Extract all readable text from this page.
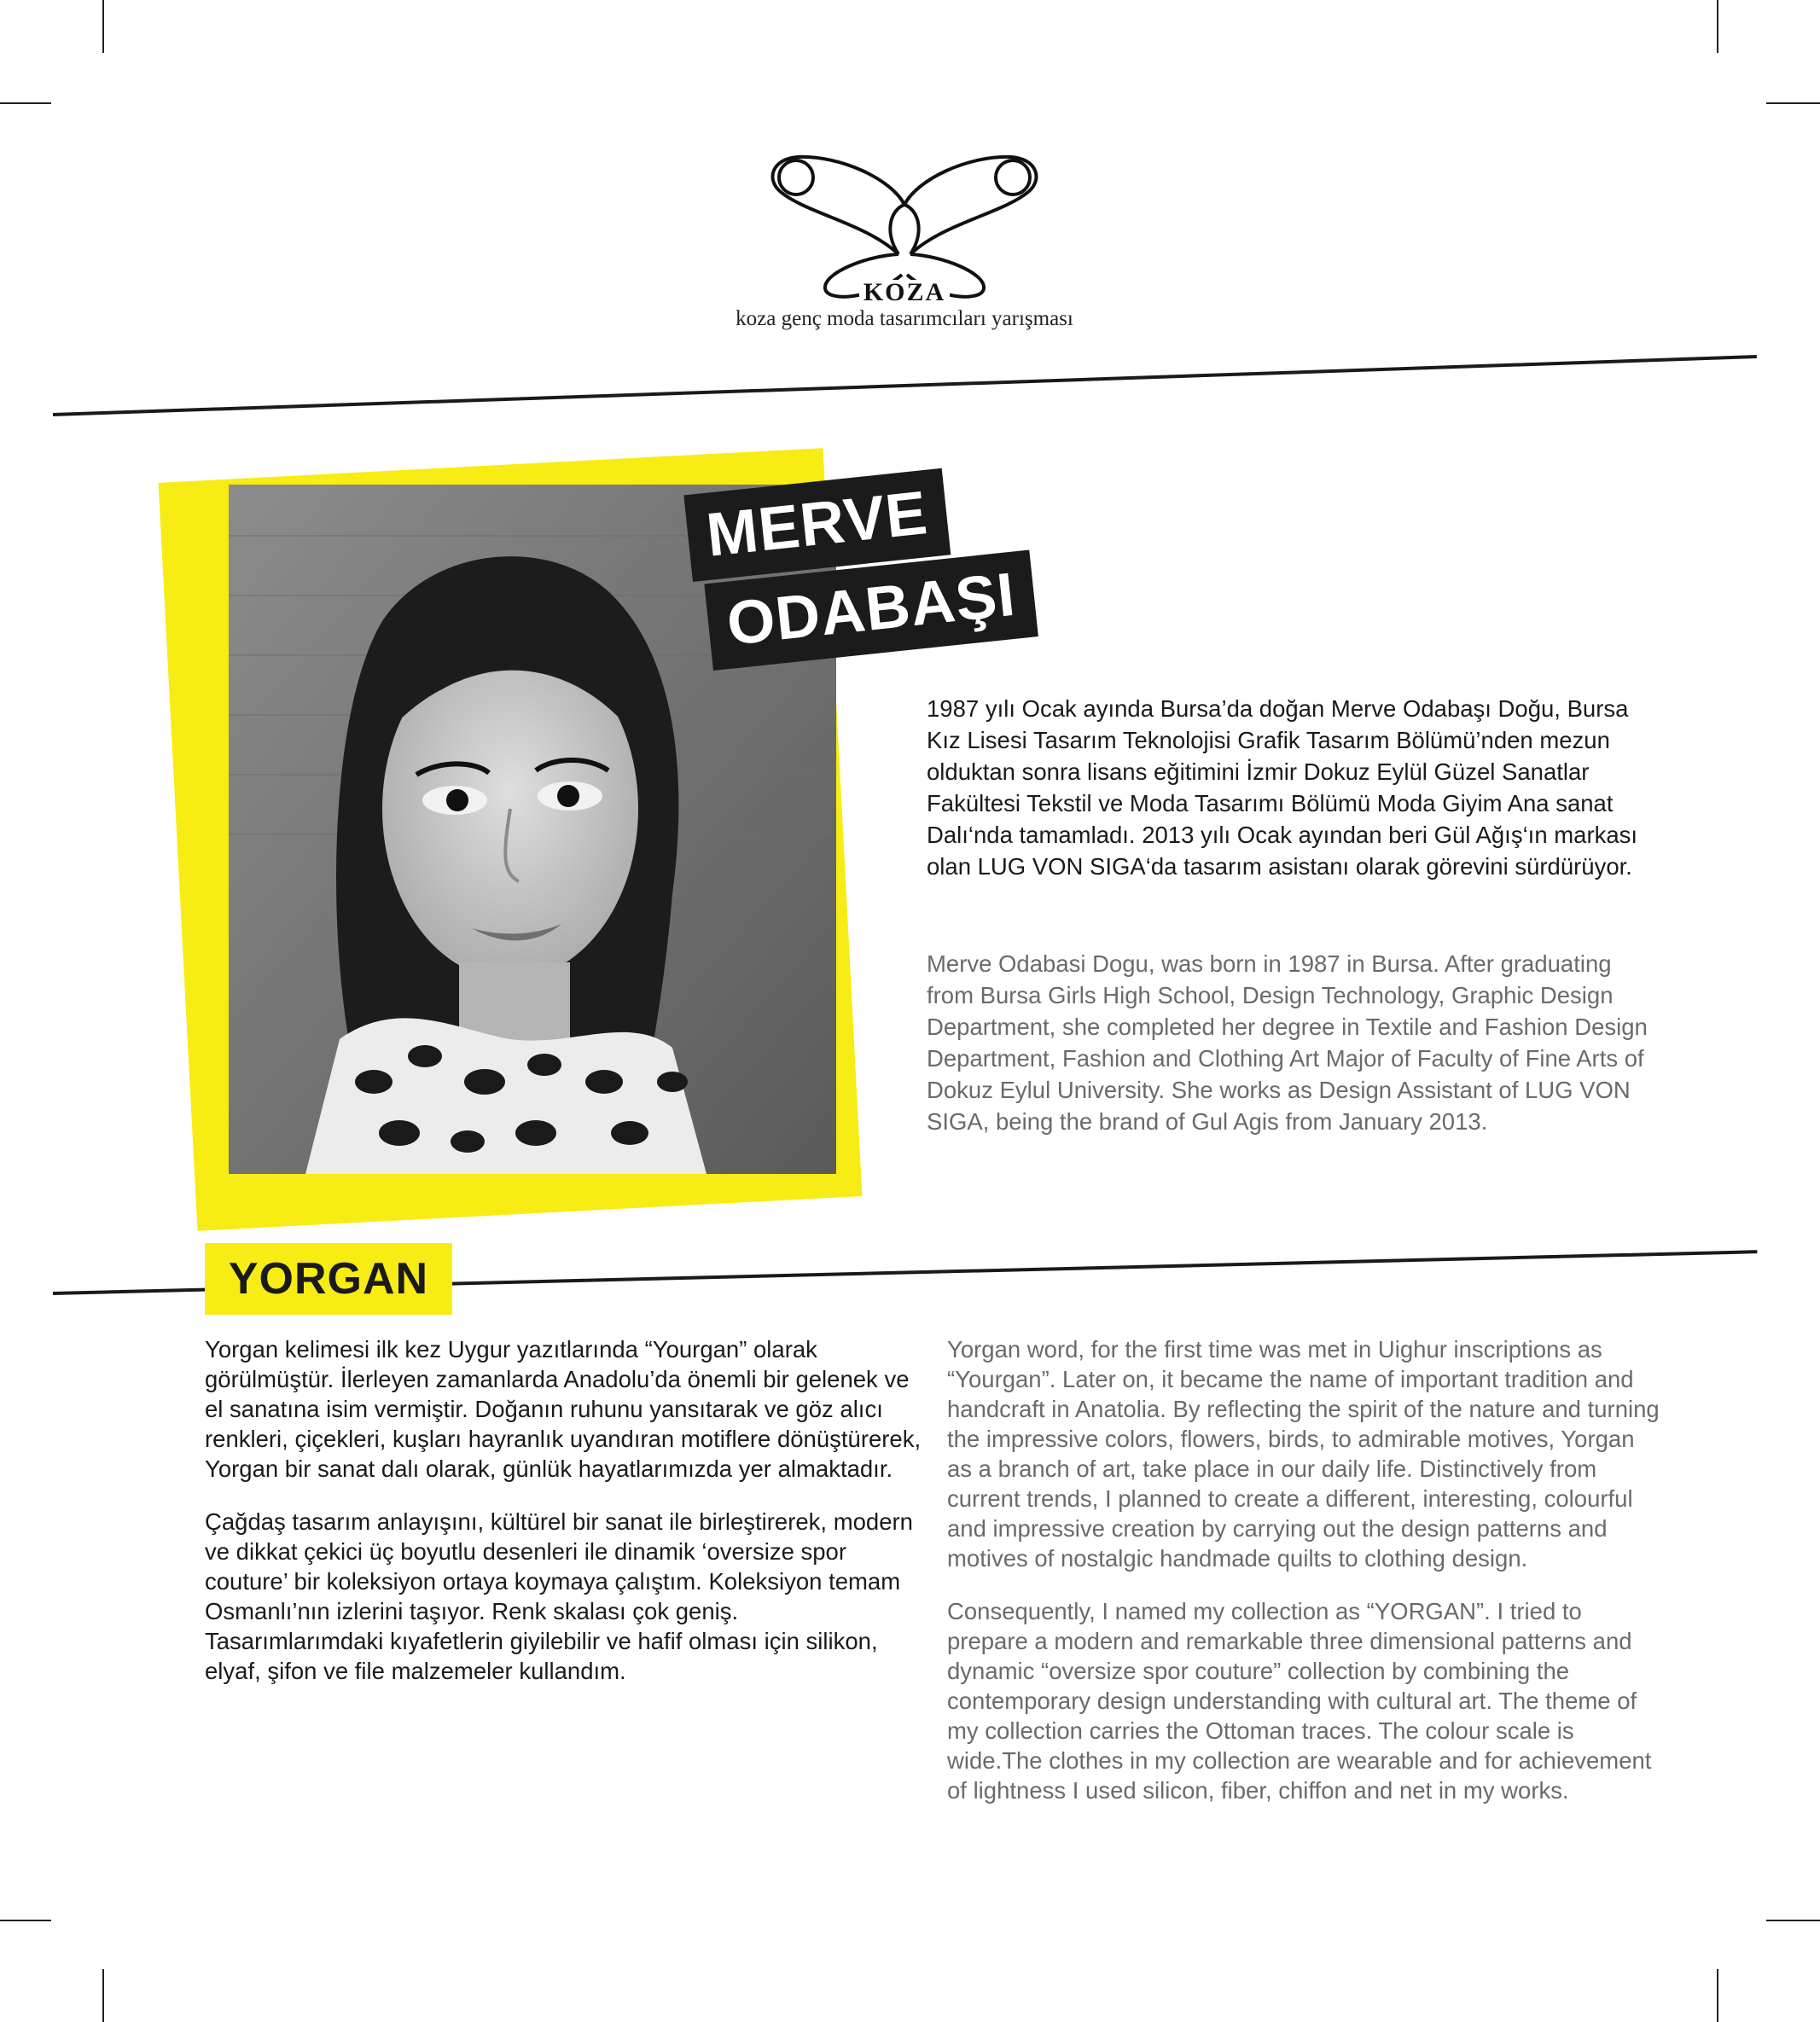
KOZA
koza genç moda tasarımcıları yarışması
MERVE
ODABAŞI
1987 yılı Ocak ayında Bursa’da doğan Merve Odabaşı Doğu, Bursa Kız Lisesi Tasarım Teknolojisi Grafik Tasarım Bölümü’nden mezun olduktan sonra lisans eğitimini İzmir Dokuz Eylül Güzel Sanatlar Fakültesi Tekstil ve Moda Tasarımı Bölümü Moda Giyim Ana sanat Dalı‘nda tamamladı. 2013 yılı Ocak ayından beri Gül Ağış‘ın markası olan LUG VON SIGA‘da tasarım asistanı olarak görevini sürdürüyor.
Merve Odabasi Dogu, was born in 1987 in Bursa. After graduating from Bursa Girls High School, Design Technology, Graphic Design Department, she completed her degree in Textile and Fashion Design Department, Fashion and Clothing Art Major of Faculty of Fine Arts of Dokuz Eylul University. She works as Design Assistant of LUG VON SIGA, being the brand of Gul Agis from January 2013.
YORGAN

Yorgan kelimesi ilk kez Uygur yazıtlarında “Yourgan” olarak görülmüştür. İlerleyen zamanlarda Anadolu’da önemli bir gelenek ve el sanatına isim vermiştir. Doğanın ruhunu yansıtarak ve göz alıcı renkleri, çiçekleri, kuşları hayranlık uyandıran motiflere dönüştürerek, Yorgan bir sanat dalı olarak, günlük hayatlarımızda yer almaktadır.

Çağdaş tasarım anlayışını, kültürel bir sanat ile birleştirerek, modern ve dikkat çekici üç boyutlu desenleri ile dinamik ‘oversize spor couture’ bir koleksiyon ortaya koymaya çalıştım. Koleksiyon temam Osmanlı’nın izlerini taşıyor. Renk skalası çok geniş. Tasarımlarımdaki kıyafetlerin giyilebilir ve hafif olması için silikon, elyaf, şifon ve file malzemeler kullandım.

Yorgan word, for the first time was met in Uighur inscriptions as “Yourgan”. Later on, it became the name of important tradition and handcraft in Anatolia. By reflecting the spirit of the nature and turning the impressive colors, flowers, birds, to admirable motives, Yorgan as a branch of art, take place in our daily life. Distinctively from current trends, I planned to create a different, interesting, colourful and impressive creation by carrying out the design patterns and motives of nostalgic handmade quilts to clothing design.

Consequently, I named my collection as “YORGAN”. I tried to prepare a modern and remarkable three dimensional patterns and dynamic “oversize spor couture” collection by combining the contemporary design understanding with cultural art. The theme of my collection carries the Ottoman traces. The colour scale is wide.The clothes in my collection are wearable and for achievement of lightness I used silicon, fiber, chiffon and net in my works.
